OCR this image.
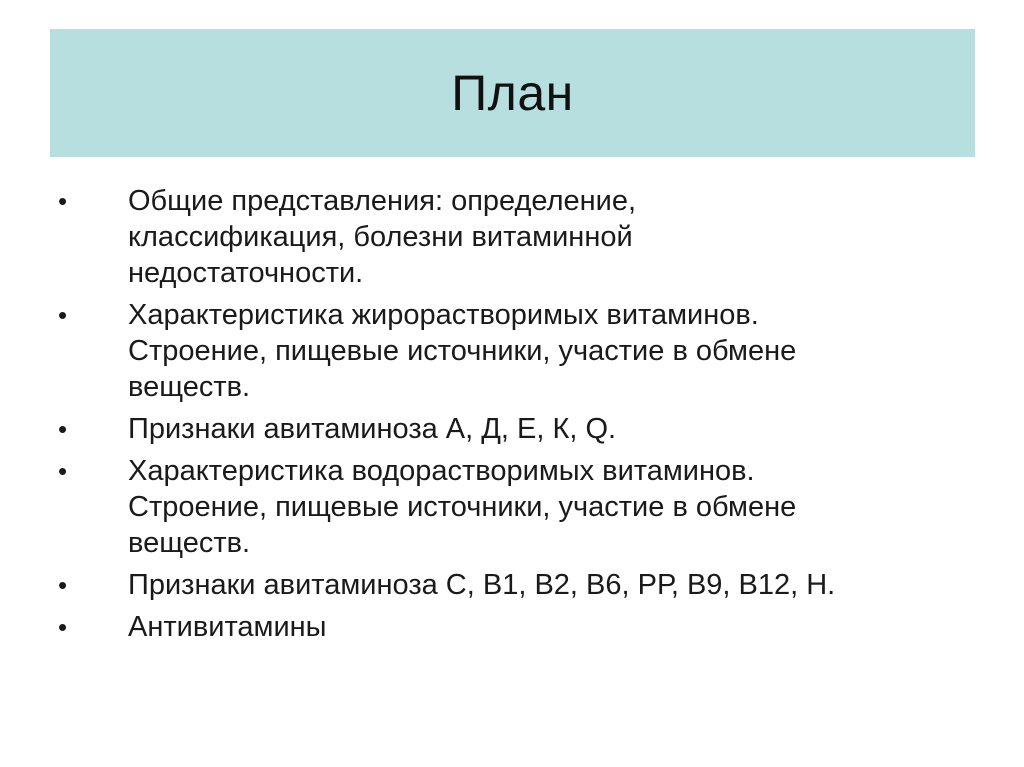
План
•	Общие представления: определение,
классификация, болезни витаминной
недостаточности.
•	Характеристика жирорастворимых витаминов.
Строение, пищевые источники, участие в обмене
веществ.
•	Признаки авитаминоза А, Д, Е, К, Q.
•	Характеристика водорастворимых витаминов.
Строение, пищевые источники, участие в обмене
веществ.
•	Признаки авитаминоза С, В1, В2, В6, РР, В9, В12, Н.
•	Антивитамины
